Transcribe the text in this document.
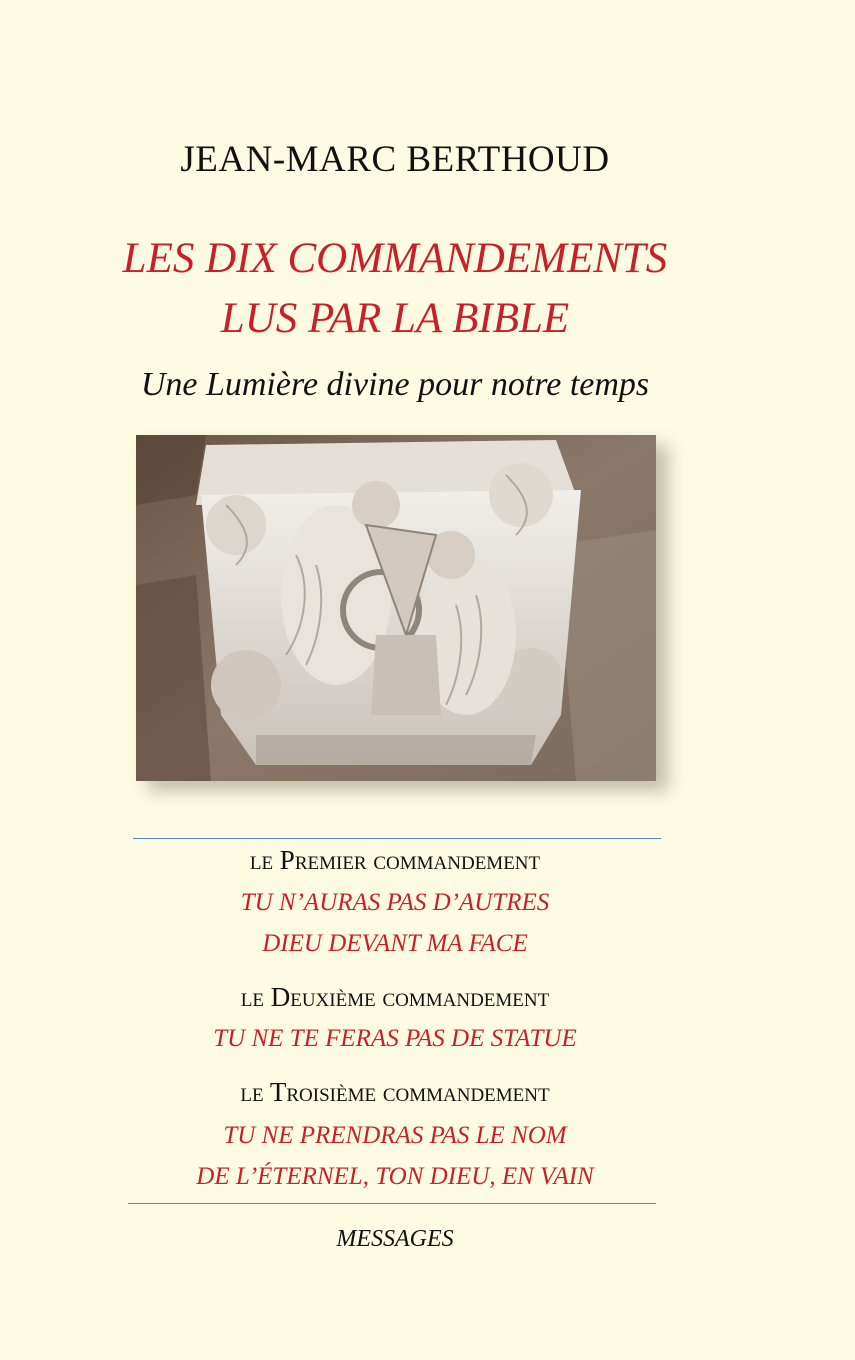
JEAN-MARC BERTHOUD
LES DIX COMMANDEMENTS
LUS PAR LA BIBLE
Une Lumière divine pour notre temps
le Premier commandement
TU N’AURAS PAS D’AUTRES
DIEU DEVANT MA FACE
le Deuxième commandement
TU NE TE FERAS PAS DE STATUE
le Troisième commandement
TU NE PRENDRAS PAS LE NOM
DE L’ÉTERNEL, TON DIEU, EN VAIN
MESSAGES
